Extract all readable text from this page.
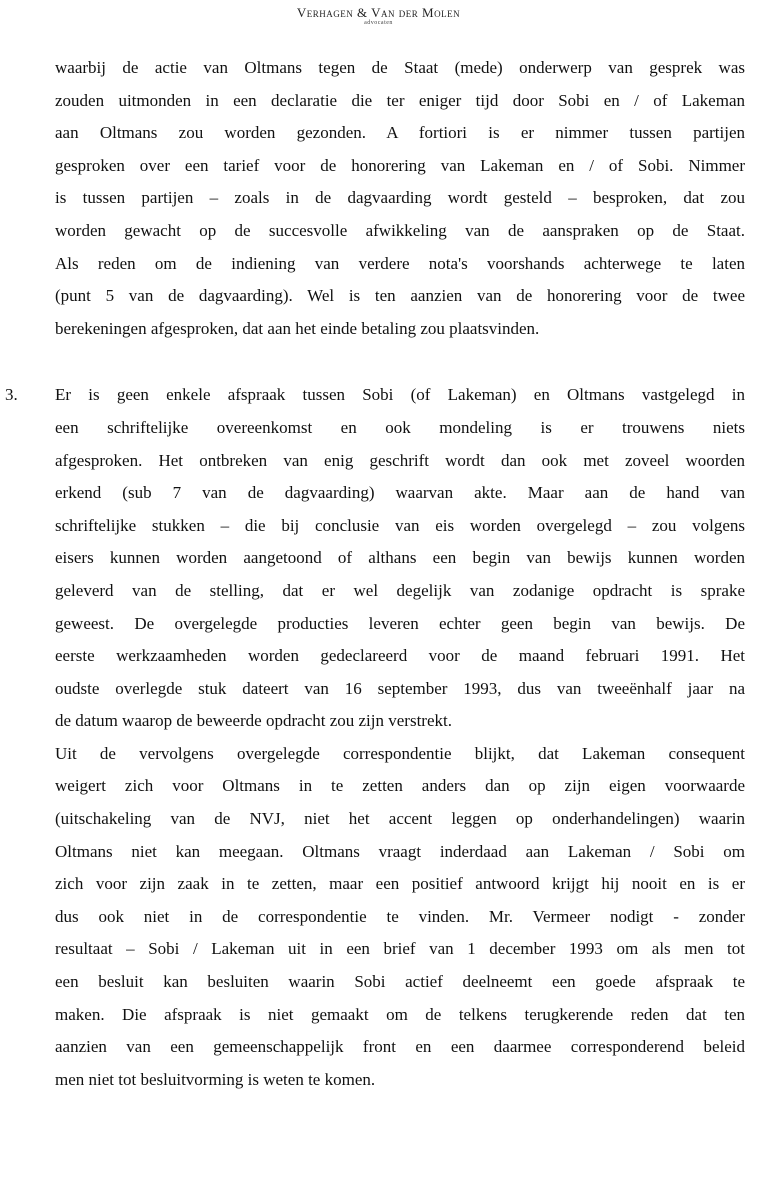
Verhagen & Van der Molen
advocaten
waarbij de actie van Oltmans tegen de Staat (mede) onderwerp van gesprek was
zouden uitmonden in een declaratie die ter eniger tijd door Sobi en / of Lakeman
aan Oltmans zou worden gezonden. A fortiori is er nimmer tussen partijen
gesproken over een tarief voor de honorering van Lakeman en / of Sobi. Nimmer
is tussen partijen – zoals in de dagvaarding wordt gesteld – besproken, dat zou
worden gewacht op de succesvolle afwikkeling van de aanspraken op de Staat.
Als reden om de indiening van verdere nota's voorshands achterwege te laten
(punt 5 van de dagvaarding). Wel is ten aanzien van de honorering voor de twee
berekeningen afgesproken, dat aan het einde betaling zou plaatsvinden.
3. Er is geen enkele afspraak tussen Sobi (of Lakeman) en Oltmans vastgelegd in
een schriftelijke overeenkomst en ook mondeling is er trouwens niets
afgesproken. Het ontbreken van enig geschrift wordt dan ook met zoveel woorden
erkend (sub 7 van de dagvaarding) waarvan akte. Maar aan de hand van
schriftelijke stukken – die bij conclusie van eis worden overgelegd – zou volgens
eisers kunnen worden aangetoond of althans een begin van bewijs kunnen worden
geleverd van de stelling, dat er wel degelijk van zodanige opdracht is sprake
geweest. De overgelegde producties leveren echter geen begin van bewijs. De
eerste werkzaamheden worden gedeclareerd voor de maand februari 1991. Het
oudste overlegde stuk dateert van 16 september 1993, dus van tweeënhalf jaar na
de datum waarop de beweerde opdracht zou zijn verstrekt.
Uit de vervolgens overgelegde correspondentie blijkt, dat Lakeman consequent
weigert zich voor Oltmans in te zetten anders dan op zijn eigen voorwaarde
(uitschakeling van de NVJ, niet het accent leggen op onderhandelingen) waarin
Oltmans niet kan meegaan. Oltmans vraagt inderdaad aan Lakeman / Sobi om
zich voor zijn zaak in te zetten, maar een positief antwoord krijgt hij nooit en is er
dus ook niet in de correspondentie te vinden. Mr. Vermeer nodigt - zonder
resultaat – Sobi / Lakeman uit in een brief van 1 december 1993 om als men tot
een besluit kan besluiten waarin Sobi actief deelneemt een goede afspraak te
maken. Die afspraak is niet gemaakt om de telkens terugkerende reden dat ten
aanzien van een gemeenschappelijk front en een daarmee corresponderend beleid
men niet tot besluitvorming is weten te komen.
